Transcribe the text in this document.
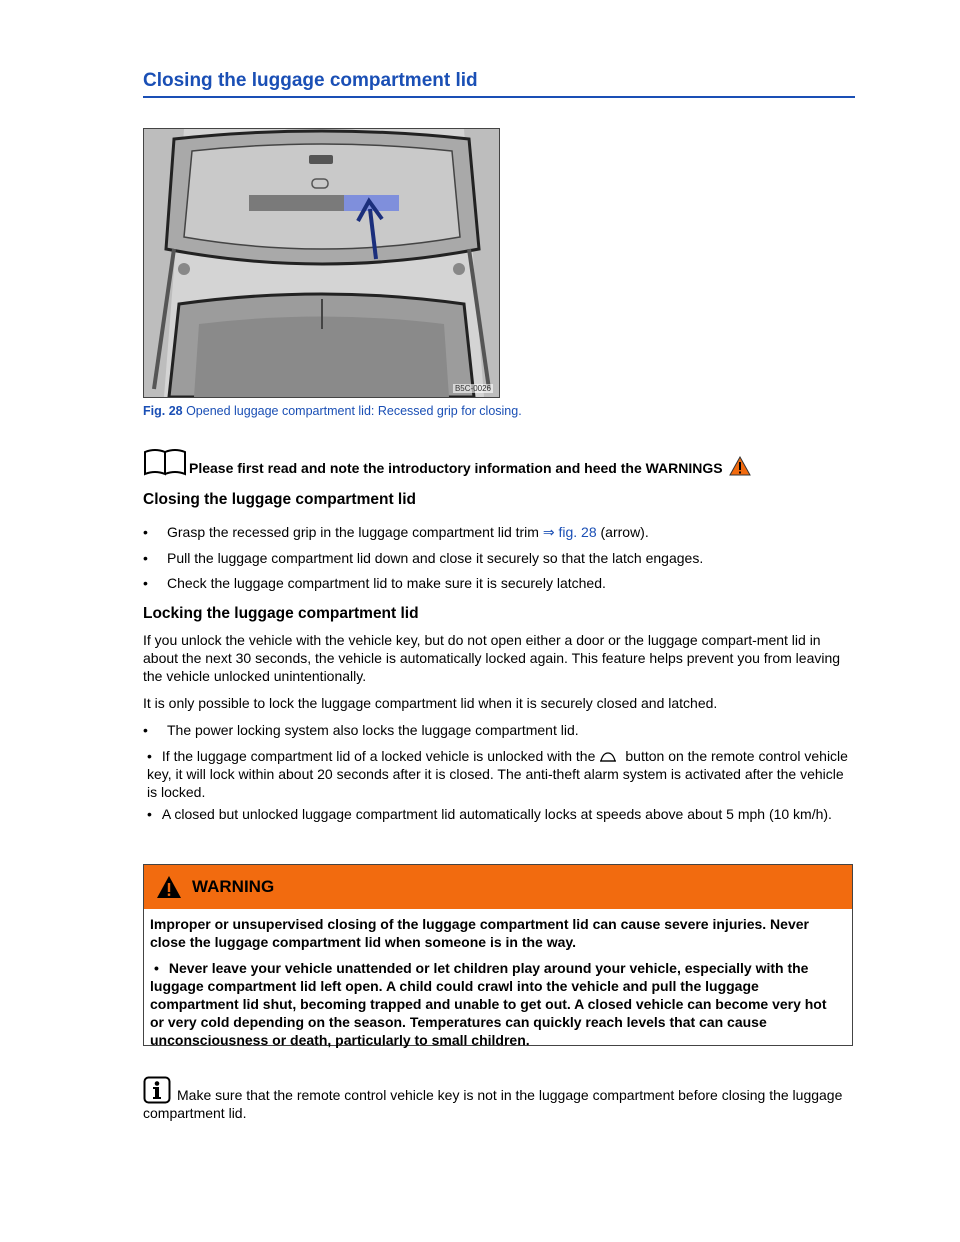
Closing the luggage compartment lid
B5C-0026
Fig. 28 Opened luggage compartment lid: Recessed grip for closing.
Please first read and note the introductory information and heed the WARNINGS
Closing the luggage compartment lid
• Grasp the recessed grip in the luggage compartment lid trim ⇒ fig. 28 (arrow).
• Pull the luggage compartment lid down and close it securely so that the latch engages.
• Check the luggage compartment lid to make sure it is securely latched.
Locking the luggage compartment lid
If you unlock the vehicle with the vehicle key, but do not open either a door or the luggage compart-ment lid in about the next 30 seconds, the vehicle is automatically locked again. This feature helps prevent you from leaving the vehicle unlocked unintentionally.
It is only possible to lock the luggage compartment lid when it is securely closed and latched.
• The power locking system also locks the luggage compartment lid.
• If the luggage compartment lid of a locked vehicle is unlocked with the button on the remote control vehicle key, it will lock within about 20 seconds after it is closed. The anti-theft alarm system is activated after the vehicle is locked.
• A closed but unlocked luggage compartment lid automatically locks at speeds above about 5 mph (10 km/h).
WARNING

Improper or unsupervised closing of the luggage compartment lid can cause severe injuries. Never close the luggage compartment lid when someone is in the way.

• Never leave your vehicle unattended or let children play around your vehicle, especially with the luggage compartment lid left open. A child could crawl into the vehicle and pull the luggage compartment lid shut, becoming trapped and unable to get out. A closed vehicle can become very hot or very cold depending on the season. Temperatures can quickly reach levels that can cause unconsciousness or death, particularly to small children.

Make sure that the remote control vehicle key is not in the luggage compartment before closing the luggage compartment lid.
